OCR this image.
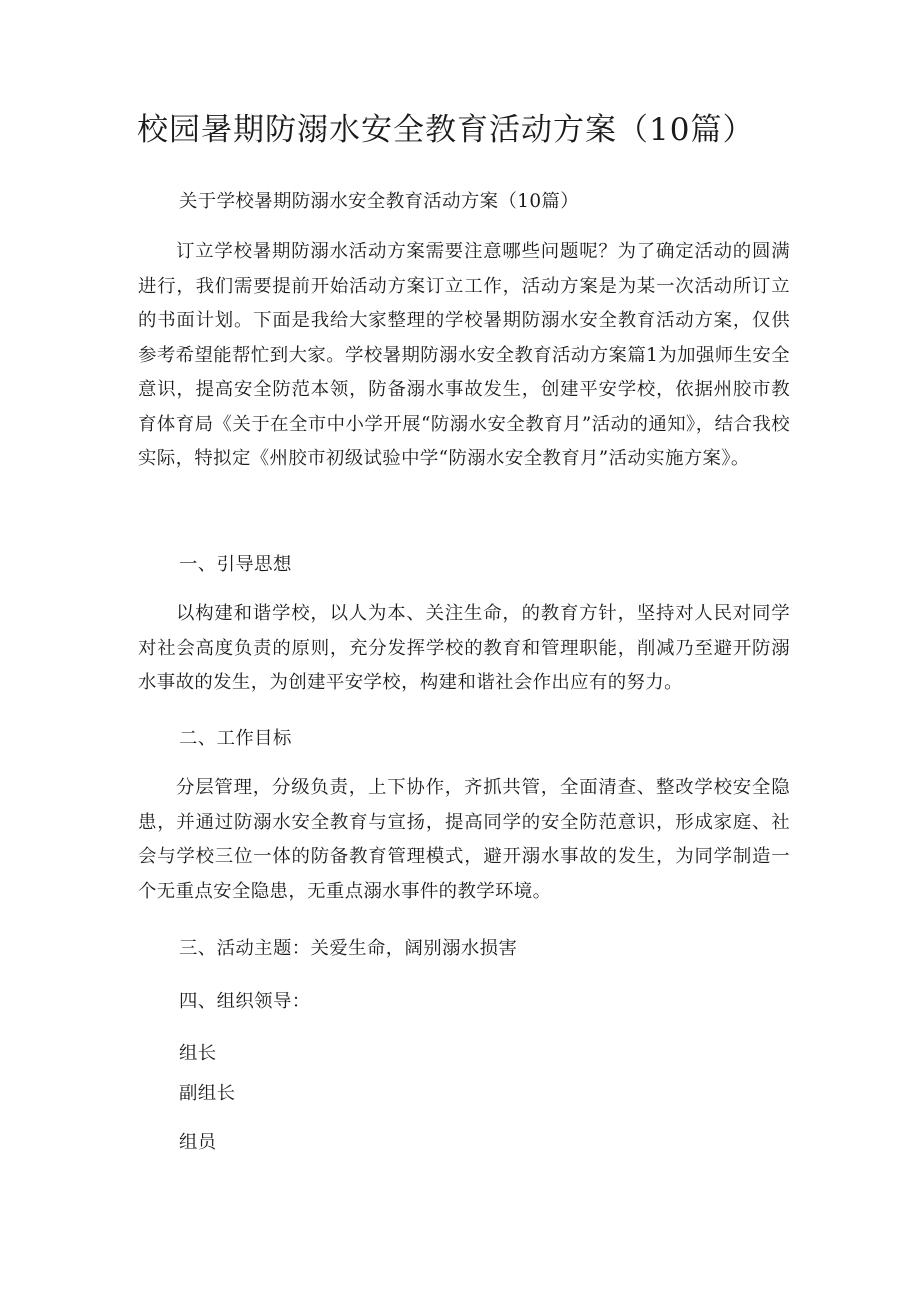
校园暑期防溺水安全教育活动方案（10篇）

关于学校暑期防溺水安全教育活动方案（10篇）

订立学校暑期防溺水活动方案需要注意哪些问题呢？为了确定活动的圆满进行，我们需要提前开始活动方案订立工作，活动方案是为某一次活动所订立的书面计划。下面是我给大家整理的学校暑期防溺水安全教育活动方案，仅供参考希望能帮忙到大家。学校暑期防溺水安全教育活动方案篇1为加强师生安全意识，提高安全防范本领，防备溺水事故发生，创建平安学校，依据州胶市教育体育局《关于在全市中小学开展“防溺水安全教育月”活动的通知》，结合我校实际，特拟定《州胶市初级试验中学“防溺水安全教育月”活动实施方案》。

一、引导思想

以构建和谐学校，以人为本、关注生命，的教育方针，坚持对人民对同学对社会高度负责的原则，充分发挥学校的教育和管理职能，削减乃至避开防溺水事故的发生，为创建平安学校，构建和谐社会作出应有的努力。

二、工作目标

分层管理，分级负责，上下协作，齐抓共管，全面清查、整改学校安全隐患，并通过防溺水安全教育与宣扬，提高同学的安全防范意识，形成家庭、社会与学校三位一体的防备教育管理模式，避开溺水事故的发生，为同学制造一个无重点安全隐患，无重点溺水事件的教学环境。

三、活动主题：关爱生命，阔别溺水损害

四、组织领导：

组长

副组长

组员
